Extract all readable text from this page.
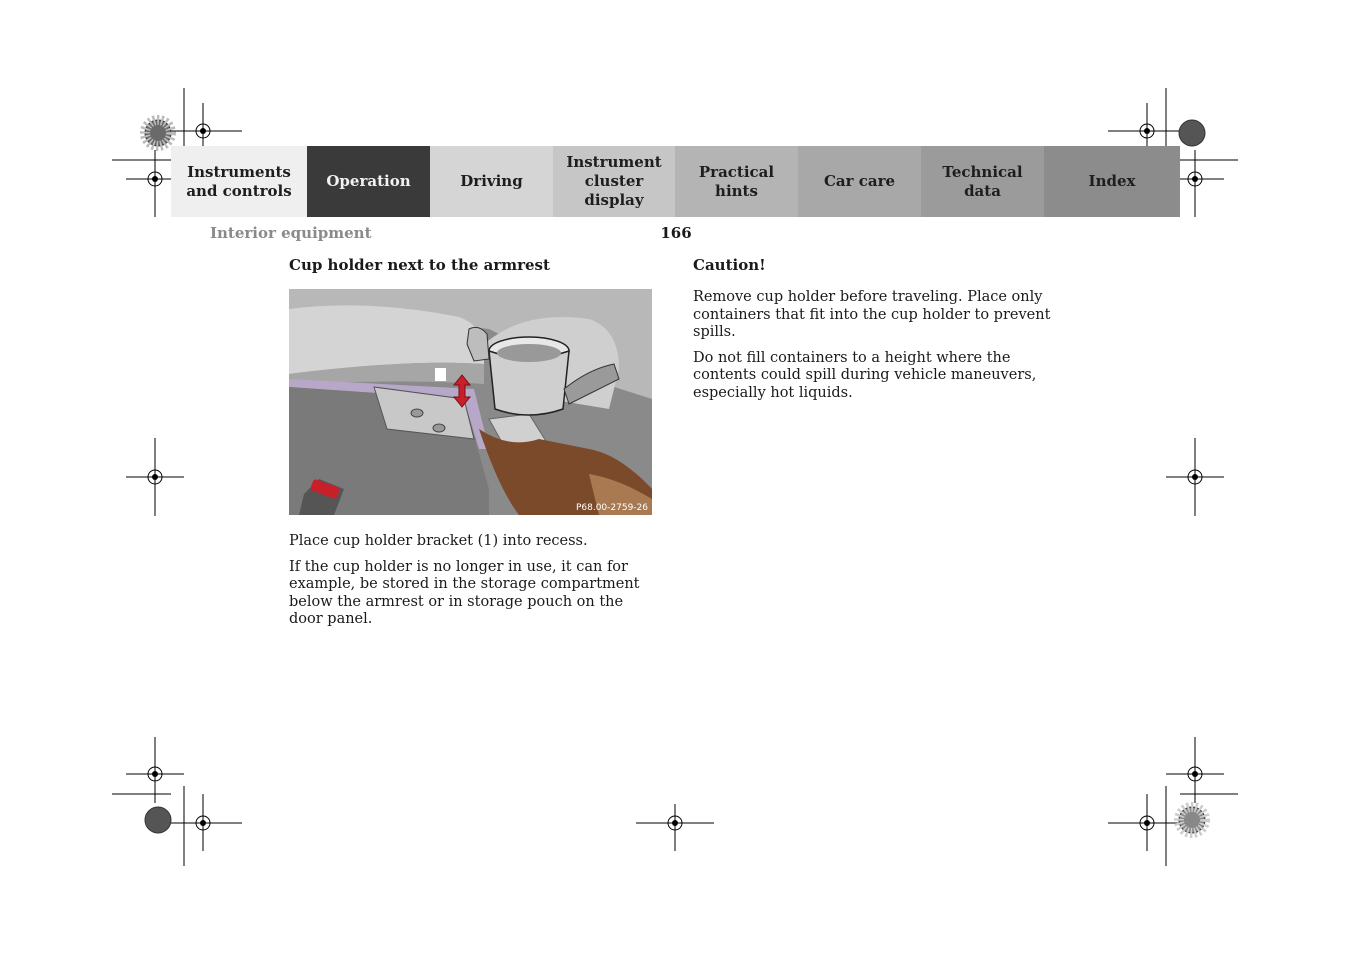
Instruments
and controls
Operation	Driving
Instrument
cluster display
Practical hints
Car care
Technical
data
Index
Interior equipment	166
Cup holder next to the armrest
P68.00-2759-26

Place cup holder bracket (1) into recess.

If the cup holder is no longer in use, it can for example, be stored in the storage compartment below the armrest or in storage pouch on the door panel.

Caution!

Remove cup holder before traveling. Place only containers that fit into the cup holder to prevent spills.

Do not fill containers to a height where the contents could spill during vehicle maneuvers, especially hot liquids.
